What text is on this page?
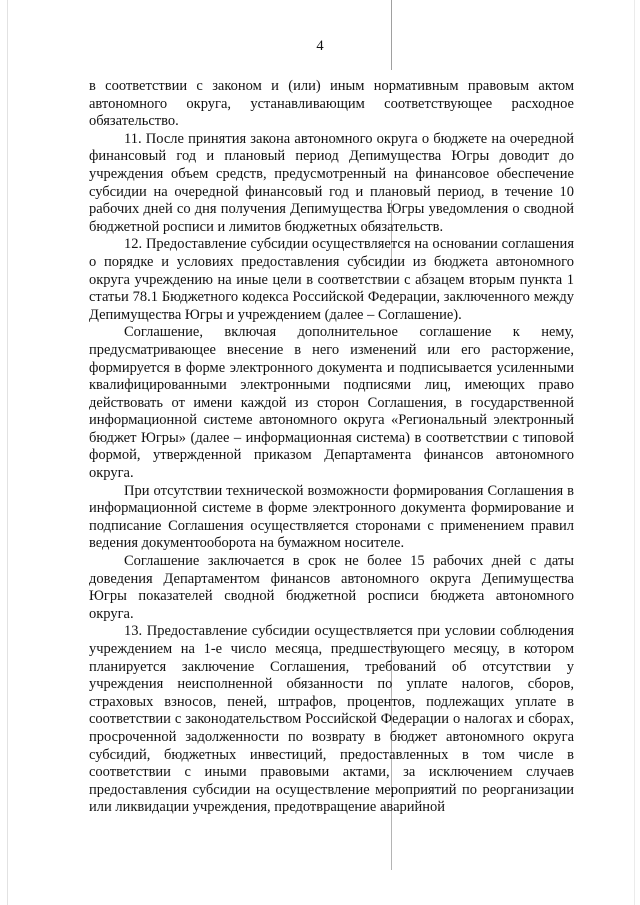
4

в соответствии с законом и (или) иным нормативным правовым актом автономного округа, устанавливающим соответствующее расходное обязательство.

11. После принятия закона автономного округа о бюджете на очередной финансовый год и плановый период Депимущества Югры доводит до учреждения объем средств, предусмотренный на финансовое обеспечение субсидии на очередной финансовый год и плановый период, в течение 10 рабочих дней со дня получения Депимущества Югры уведомления о сводной бюджетной росписи и лимитов бюджетных обязательств.

12. Предоставление субсидии осуществляется на основании соглашения о порядке и условиях предоставления субсидии из бюджета автономного округа учреждению на иные цели в соответствии с абзацем вторым пункта 1 статьи 78.1 Бюджетного кодекса Российской Федерации, заключенного между Депимущества Югры и учреждением (далее – Соглашение).

Соглашение, включая дополнительное соглашение к нему, предусматривающее внесение в него изменений или его расторжение, формируется в форме электронного документа и подписывается усиленными квалифицированными электронными подписями лиц, имеющих право действовать от имени каждой из сторон Соглашения, в государственной информационной системе автономного округа «Региональный электронный бюджет Югры» (далее – информационная система) в соответствии с типовой формой, утвержденной приказом Департамента финансов автономного округа.

При отсутствии технической возможности формирования Соглашения в информационной системе в форме электронного документа формирование и подписание Соглашения осуществляется сторонами с применением правил ведения документооборота на бумажном носителе.

Соглашение заключается в срок не более 15 рабочих дней с даты доведения Департаментом финансов автономного округа Депимущества Югры показателей сводной бюджетной росписи бюджета автономного округа.

13. Предоставление субсидии осуществляется при условии соблюдения учреждением на 1-е число месяца, предшествующего месяцу, в котором планируется заключение Соглашения, требований об отсутствии у учреждения неисполненной обязанности по уплате налогов, сборов, страховых взносов, пеней, штрафов, процентов, подлежащих уплате в соответствии с законодательством Российской Федерации о налогах и сборах, просроченной задолженности по возврату в бюджет автономного округа субсидий, бюджетных инвестиций, предоставленных в том числе в соответствии с иными правовыми актами, за исключением случаев предоставления субсидии на осуществление мероприятий по реорганизации или ликвидации учреждения, предотвращение аварийной
